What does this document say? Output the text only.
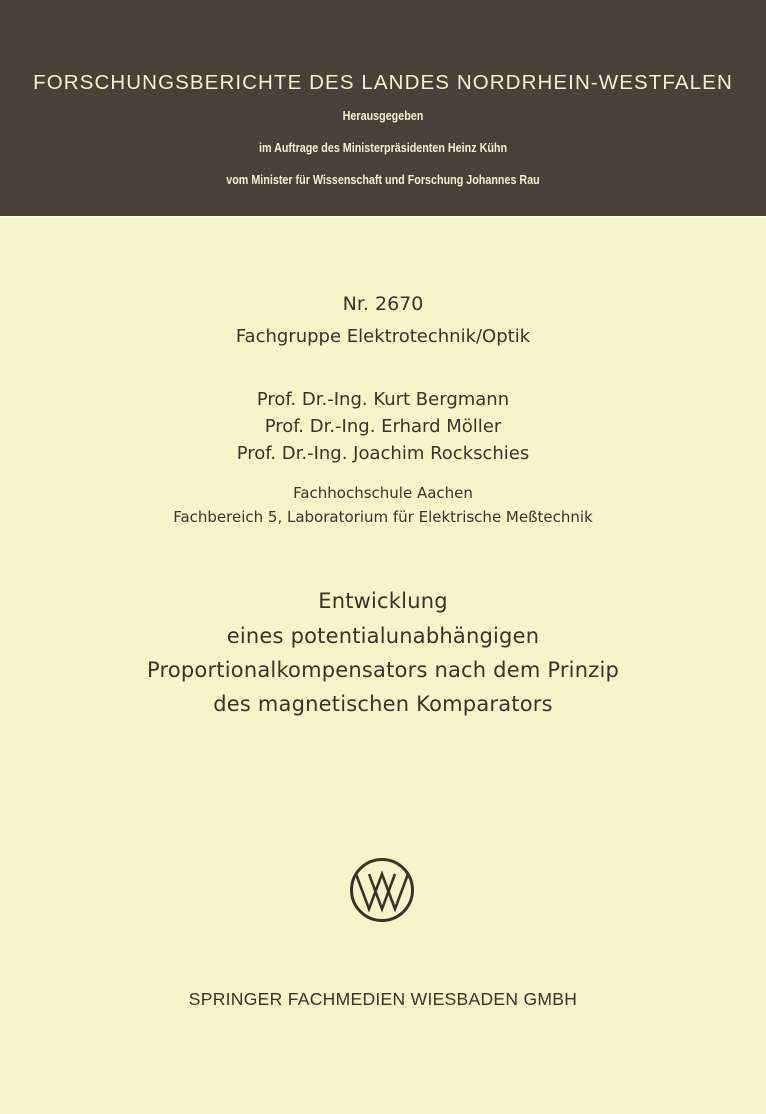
FORSCHUNGSBERICHTE DES LANDES NORDRHEIN-WESTFALEN
Herausgegeben
im Auftrage des Ministerpräsidenten Heinz Kühn
vom Minister für Wissenschaft und Forschung Johannes Rau
Nr. 2670
Fachgruppe Elektrotechnik/Optik
Prof. Dr.-Ing. Kurt Bergmann
Prof. Dr.-Ing. Erhard Möller
Prof. Dr.-Ing. Joachim Rockschies
Fachhochschule Aachen
Fachbereich 5, Laboratorium für Elektrische Meßtechnik
Entwicklung
eines potentialunabhängigen
Proportionalkompensators nach dem Prinzip
des magnetischen Komparators
SPRINGER FACHMEDIEN WIESBADEN GMBH
